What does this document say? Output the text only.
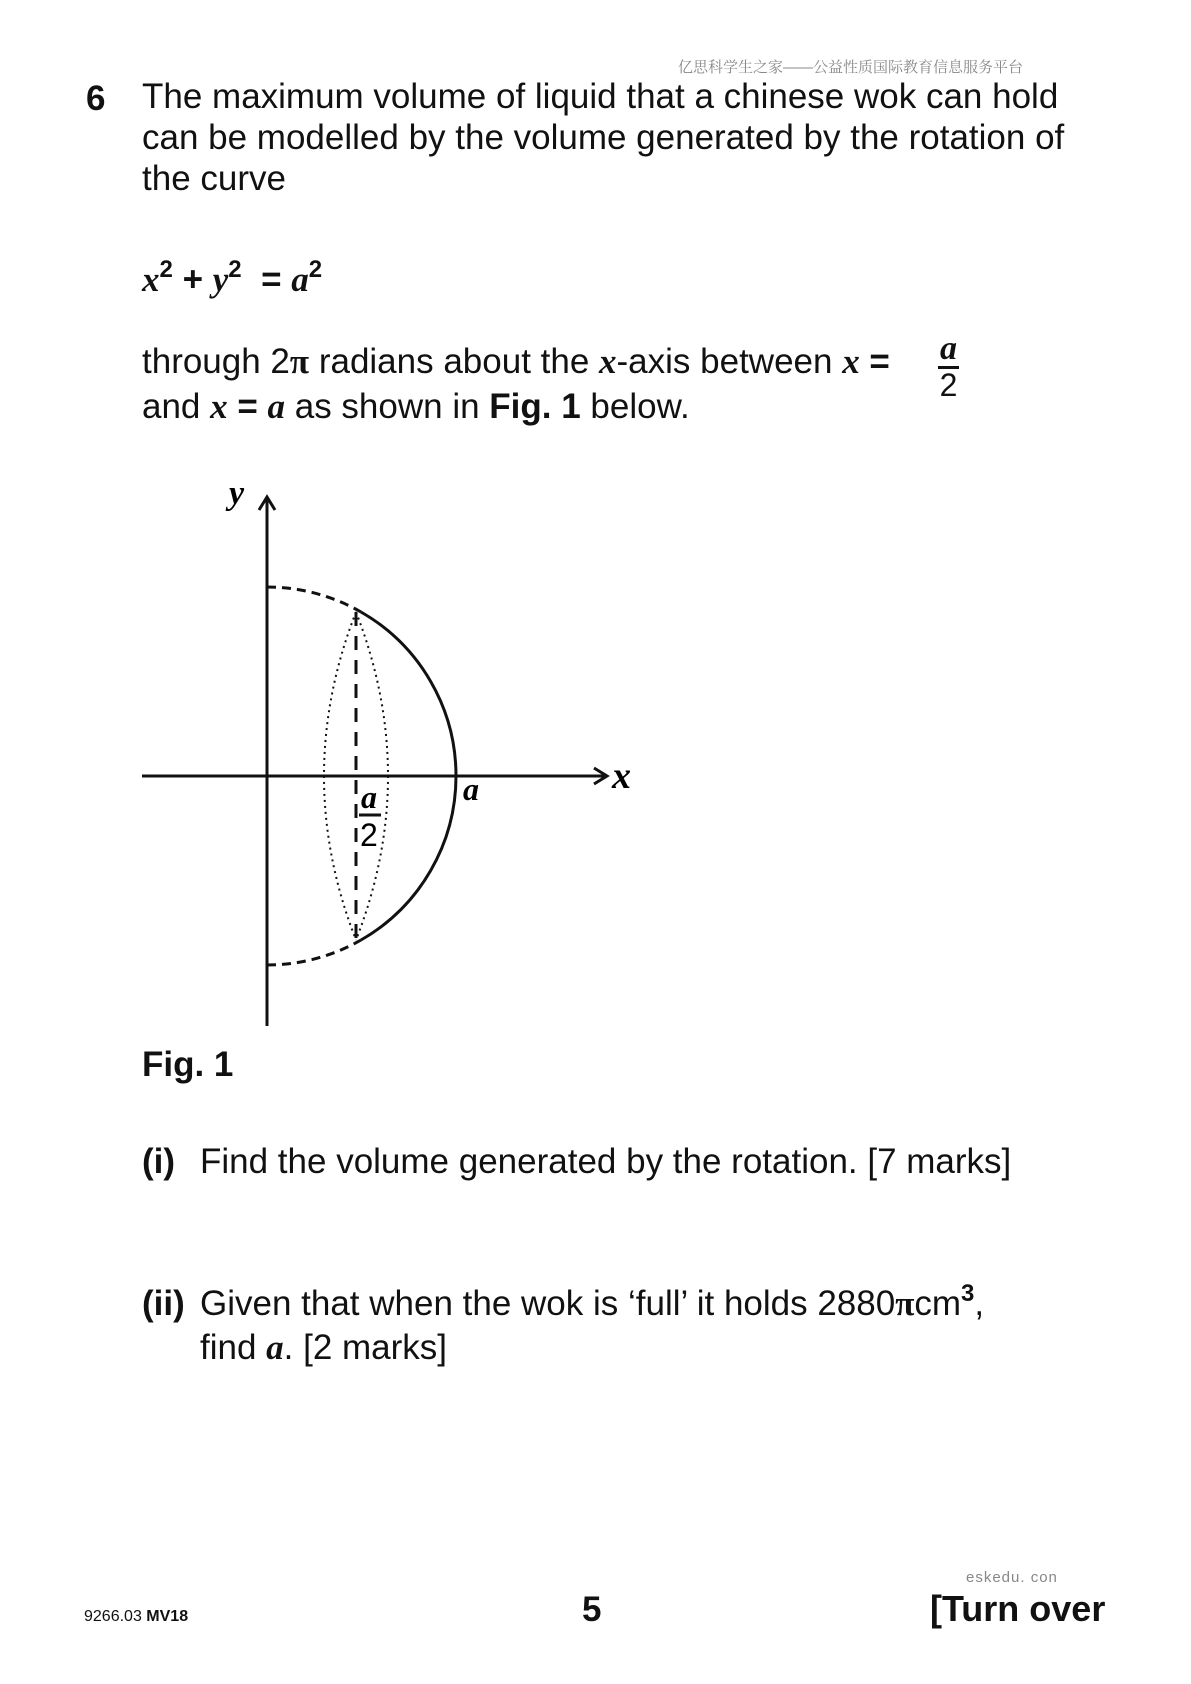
亿思科学生之家——公益性质国际教育信息服务平台
6 The maximum volume of liquid that a chinese wok can hold
can be modelled by the volume generated by the rotation of
the curve
$x^2 + y^2 = a^2$
through 2π radians about the x-axis between $x = \frac{a}{2}$
and x = a as shown in Fig. 1 below.
y
x
a
a
2
Fig. 1
(i) Find the volume generated by the rotation. [7 marks]
(ii) Given that when the wok is ‘full’ it holds 2880πcm$^3$,
find a. [2 marks]
eskedu. con
9266.03 MV18	5	[Turn over
